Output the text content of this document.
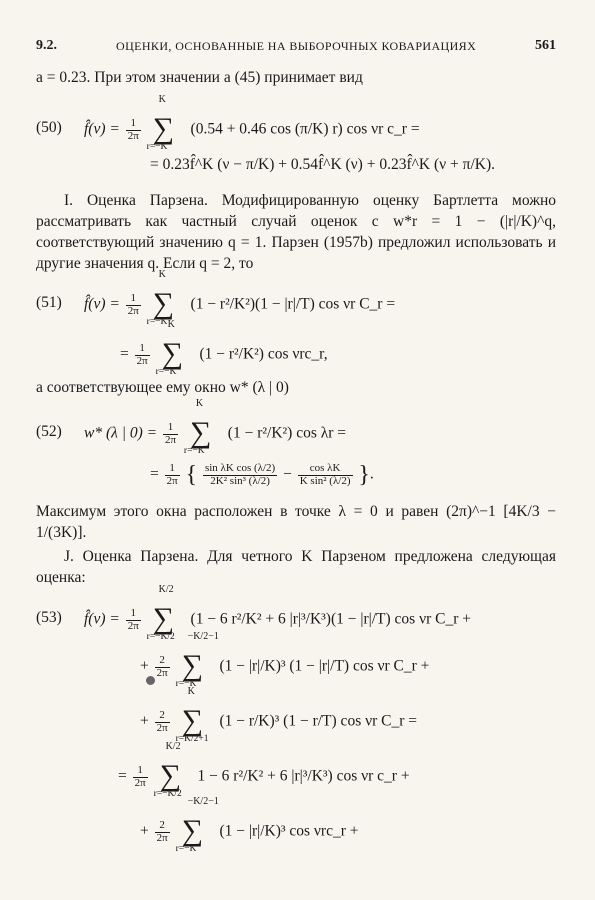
9.2.	ОЦЕНКИ, ОСНОВАННЫЕ НА ВЫБОРОЧНЫХ КОВАРИАЦИЯХ	561
a = 0.23. При этом значении a (45) принимает вид
(50) f̂(ν) = $\frac{1}{2\pi}$
∑
K
r=−K
(0.54 + 0.46 cos (π/K) r) cos νr c_r =
= 0.23f̂^K (ν − π/K) + 0.54f̂^K (ν) + 0.23f̂^K (ν + π/K).
I. Оценка Парзена. Модифицированную оценку Бартлетта можно рассматривать как частный случай оценок с w*r = 1 − (|r|/K)^q, соответствующий значению q = 1. Парзен (1957b) предложил использовать и другие значения q. Если q = 2, то
(51) f̂(ν) = $\frac{1}{2\pi}$
∑
K
r=−K
(1 − r²/K²)(1 − |r|/T) cos νr C_r =
= $\frac{1}{2\pi}$
∑
K
r=−K
(1 − r²/K²) cos νrc_r,
а соответствующее ему окно w* (λ | 0)
(52) w* (λ | $0) = \frac{1}{2\pi}$
∑
K
r=−K
(1 − r²/K²) cos λr =
= $\frac{1}{2\pi}$ { $\frac{\text{sin λK cos (λ/2)}}{\text{2K² sin³ (λ/2)}} - \frac{\text{cos λK}}{\text{K sin² (λ/2)}}$ }.
Максимум этого окна расположен в точке λ = 0 и равен (2π)^−1 [4K/3 − 1/(3K)].
J. Оценка Парзена. Для четного K Парзеном предложена следующая оценка:
(53) f̂(ν) = $\frac{1}{2\pi}$
∑
K/2
r=−K/2
(1 − 6 r²/K² + 6 |r|³/K³)(1 − |r|/T) cos νr C_r +
+ $\frac{2}{2\pi}$
∑
−K/2−1
r=−K
(1 − |r|/K)³ (1 − |r|/T) cos νr C_r +
+ $\frac{2}{2\pi}$
∑
K
r=K/2+1
(1 − r/K)³ (1 − r/T) cos νr C_r =
= $\frac{1}{2\pi}$
∑
K/2
r=−K/2
1 − 6 r²/K² + 6 |r|³/K³) cos νr c_r +
+ $\frac{2}{2\pi}$
∑
−K/2−1
r=−K
(1 − |r|/K)³ cos νrc_r +
